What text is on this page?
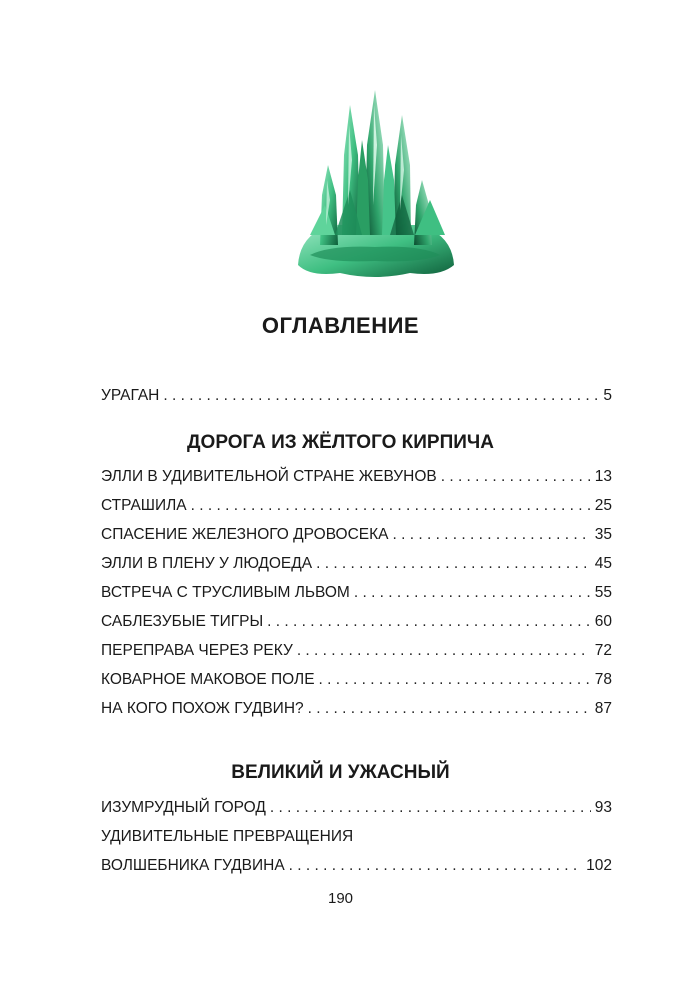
ОГЛАВЛЕНИЕ
УРАГАН . . .	5
ДОРОГА ИЗ ЖЁЛТОГО КИРПИЧА
ЭЛЛИ В УДИВИТЕЛЬНОЙ СТРАНЕ ЖЕВУНОВ . . .	13
СТРАШИЛА . . .	25
СПАСЕНИЕ ЖЕЛЕЗНОГО ДРОВОСЕКА . . .	35
ЭЛЛИ В ПЛЕНУ У ЛЮДОЕДА . . .	45
ВСТРЕЧА С ТРУСЛИВЫМ ЛЬВОМ . . .	55
САБЛЕЗУБЫЕ ТИГРЫ . . .	60
ПЕРЕПРАВА ЧЕРЕЗ РЕКУ . . .	72
КОВАРНОЕ МАКОВОЕ ПОЛЕ . . .	78
НА КОГО ПОХОЖ ГУДВИН? . . .	87
ВЕЛИКИЙ И УЖАСНЫЙ
ИЗУМРУДНЫЙ ГОРОД . . .	93
УДИВИТЕЛЬНЫЕ ПРЕВРАЩЕНИЯ
ВОЛШЕБНИКА ГУДВИНА . . .	102
190
